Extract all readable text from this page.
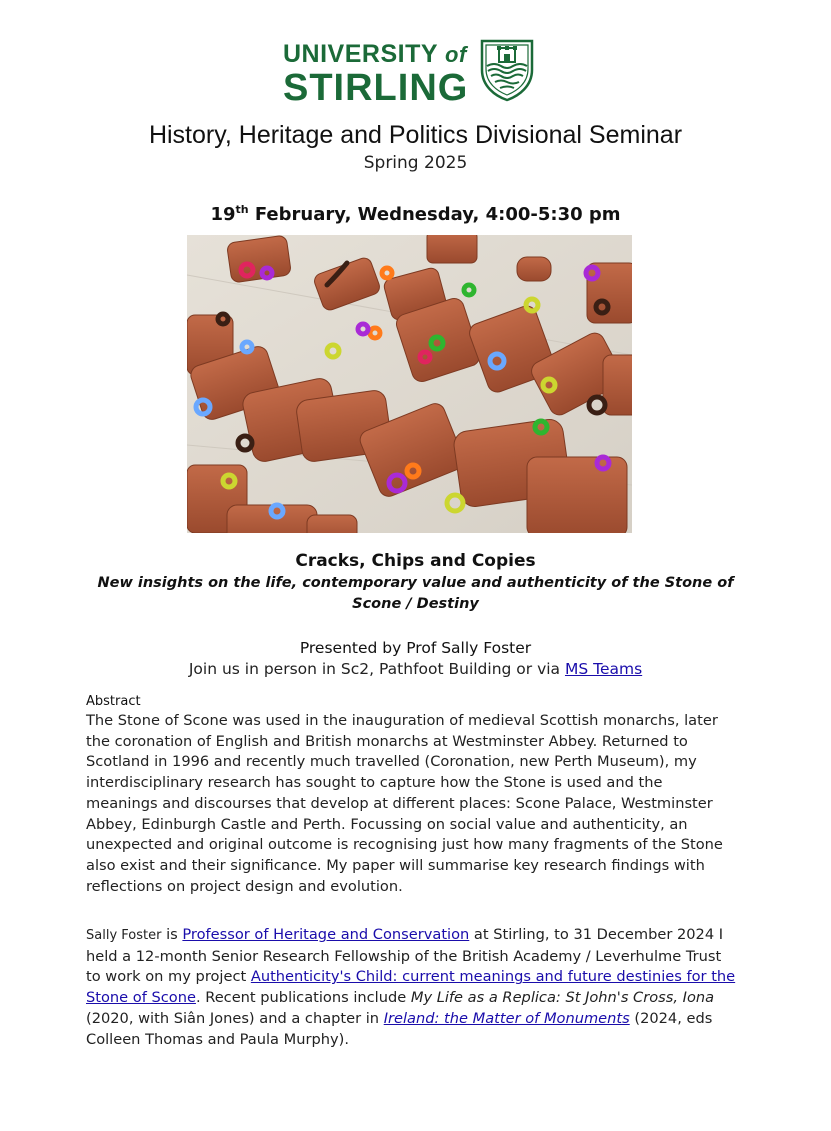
UNIVERSITY of
STIRLING
History, Heritage and Politics Divisional Seminar
Spring 2025
19th February, Wednesday, 4:00-5:30 pm
Cracks, Chips and Copies
New insights on the life, contemporary value and authenticity of the Stone of Scone / Destiny
Presented by Prof Sally Foster
Join us in person in Sc2, Pathfoot Building or via MS Teams
Abstract
The Stone of Scone was used in the inauguration of medieval Scottish monarchs, later the coronation of English and British monarchs at Westminster Abbey. Returned to Scotland in 1996 and recently much travelled (Coronation, new Perth Museum), my interdisciplinary research has sought to capture how the Stone is used and the meanings and discourses that develop at different places: Scone Palace, Westminster Abbey, Edinburgh Castle and Perth. Focussing on social value and authenticity, an unexpected and original outcome is recognising just how many fragments of the Stone also exist and their significance. My paper will summarise key research findings with reflections on project design and evolution.
Sally Foster is Professor of Heritage and Conservation at Stirling, to 31 December 2024 I held a 12-month Senior Research Fellowship of the British Academy / Leverhulme Trust to work on my project Authenticity's Child: current meanings and future destinies for the Stone of Scone. Recent publications include My Life as a Replica: St John's Cross, Iona (2020, with Siân Jones) and a chapter in Ireland: the Matter of Monuments (2024, eds Colleen Thomas and Paula Murphy).
